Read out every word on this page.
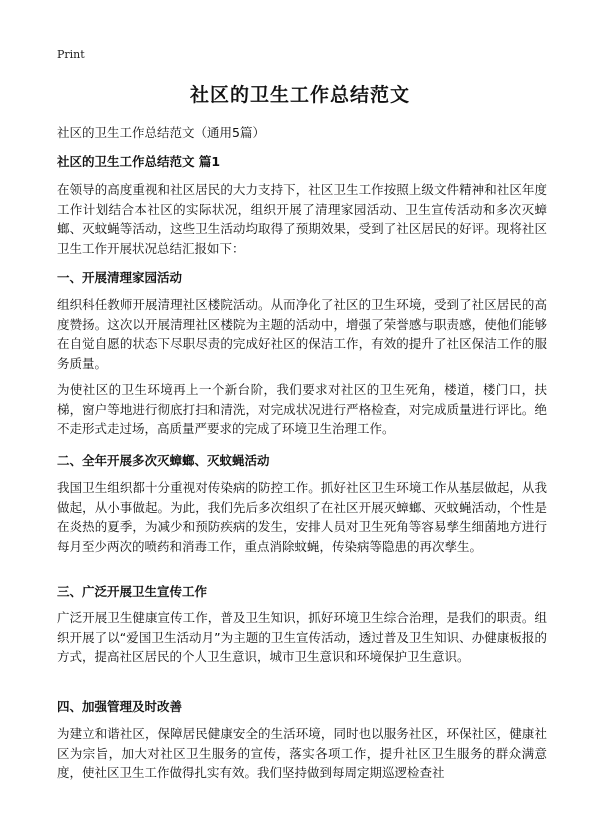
Print
社区的卫生工作总结范文
社区的卫生工作总结范文（通用5篇）
社区的卫生工作总结范文 篇1

在领导的高度重视和社区居民的大力支持下，社区卫生工作按照上级文件精神和社区年度工作计划结合本社区的实际状况，组织开展了清理家园活动、卫生宣传活动和多次灭蟑螂、灭蚊蝇等活动，这些卫生活动均取得了预期效果，受到了社区居民的好评。现将社区卫生工作开展状况总结汇报如下：

一、开展清理家园活动

组织科任教师开展清理社区楼院活动。从而净化了社区的卫生环境，受到了社区居民的高度赞扬。这次以开展清理社区楼院为主题的活动中，增强了荣誉感与职责感，使他们能够在自觉自愿的状态下尽职尽责的完成好社区的保洁工作，有效的提升了社区保洁工作的服务质量。

为使社区的卫生环境再上一个新台阶，我们要求对社区的卫生死角，楼道，楼门口，扶梯，窗户等地进行彻底打扫和清洗，对完成状况进行严格检查，对完成质量进行评比。绝不走形式走过场，高质量严要求的完成了环境卫生治理工作。

二、全年开展多次灭蟑螂、灭蚊蝇活动

我国卫生组织都十分重视对传染病的防控工作。抓好社区卫生环境工作从基层做起，从我做起，从小事做起。为此，我们先后多次组织了在社区开展灭蟑螂、灭蚊蝇活动，个性是在炎热的夏季，为减少和预防疾病的发生，安排人员对卫生死角等容易孳生细菌地方进行每月至少两次的喷药和消毒工作，重点消除蚊蝇，传染病等隐患的再次孳生。

三、广泛开展卫生宣传工作

广泛开展卫生健康宣传工作，普及卫生知识，抓好环境卫生综合治理，是我们的职责。组织开展了以“爱国卫生活动月”为主题的卫生宣传活动，透过普及卫生知识、办健康板报的方式，提高社区居民的个人卫生意识，城市卫生意识和环境保护卫生意识。

四、加强管理及时改善

为建立和谐社区，保障居民健康安全的生活环境，同时也以服务社区，环保社区，健康社区为宗旨，加大对社区卫生服务的宣传，落实各项工作，提升社区卫生服务的群众满意度，使社区卫生工作做得扎实有效。我们坚持做到每周定期巡逻检查社
